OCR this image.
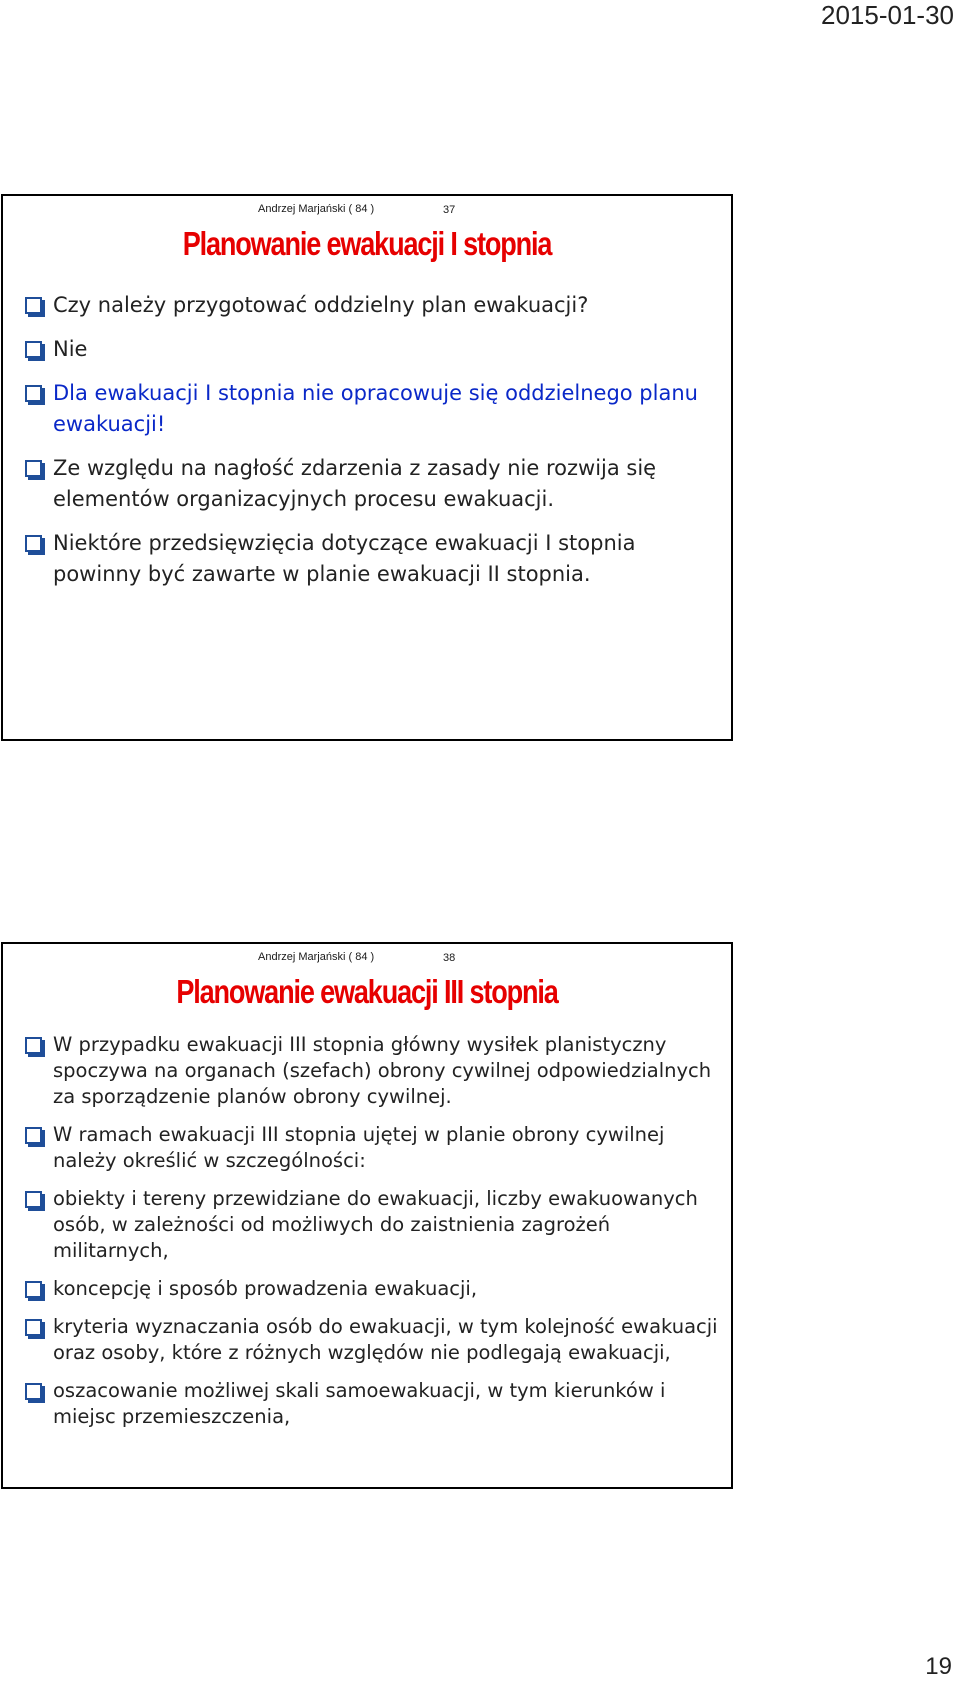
2015-01-30
Andrzej Marjański ( 84 )	37
Planowanie ewakuacji I stopnia
Czy należy przygotować oddzielny plan ewakuacji?
Nie
Dla ewakuacji I stopnia nie opracowuje się oddzielnego planu ewakuacji!
Ze względu na nagłość zdarzenia z zasady nie rozwija się elementów organizacyjnych procesu ewakuacji.
Niektóre przedsięwzięcia dotyczące ewakuacji I stopnia powinny być zawarte w planie ewakuacji II stopnia.
Andrzej Marjański ( 84 )	38
Planowanie ewakuacji III stopnia
W przypadku ewakuacji III stopnia główny wysiłek planistyczny spoczywa na organach (szefach) obrony cywilnej odpowiedzialnych za sporządzenie planów obrony cywilnej.
W ramach ewakuacji III stopnia ujętej w planie obrony cywilnej należy określić w szczególności:
obiekty i tereny przewidziane do ewakuacji, liczby ewakuowanych osób, w zależności od możliwych do zaistnienia zagrożeń militarnych,
koncepcję i sposób prowadzenia ewakuacji,
kryteria wyznaczania osób do ewakuacji, w tym kolejność ewakuacji oraz osoby, które z różnych względów nie podlegają ewakuacji,
oszacowanie możliwej skali samoewakuacji, w tym kierunków i miejsc przemieszczenia,
19
